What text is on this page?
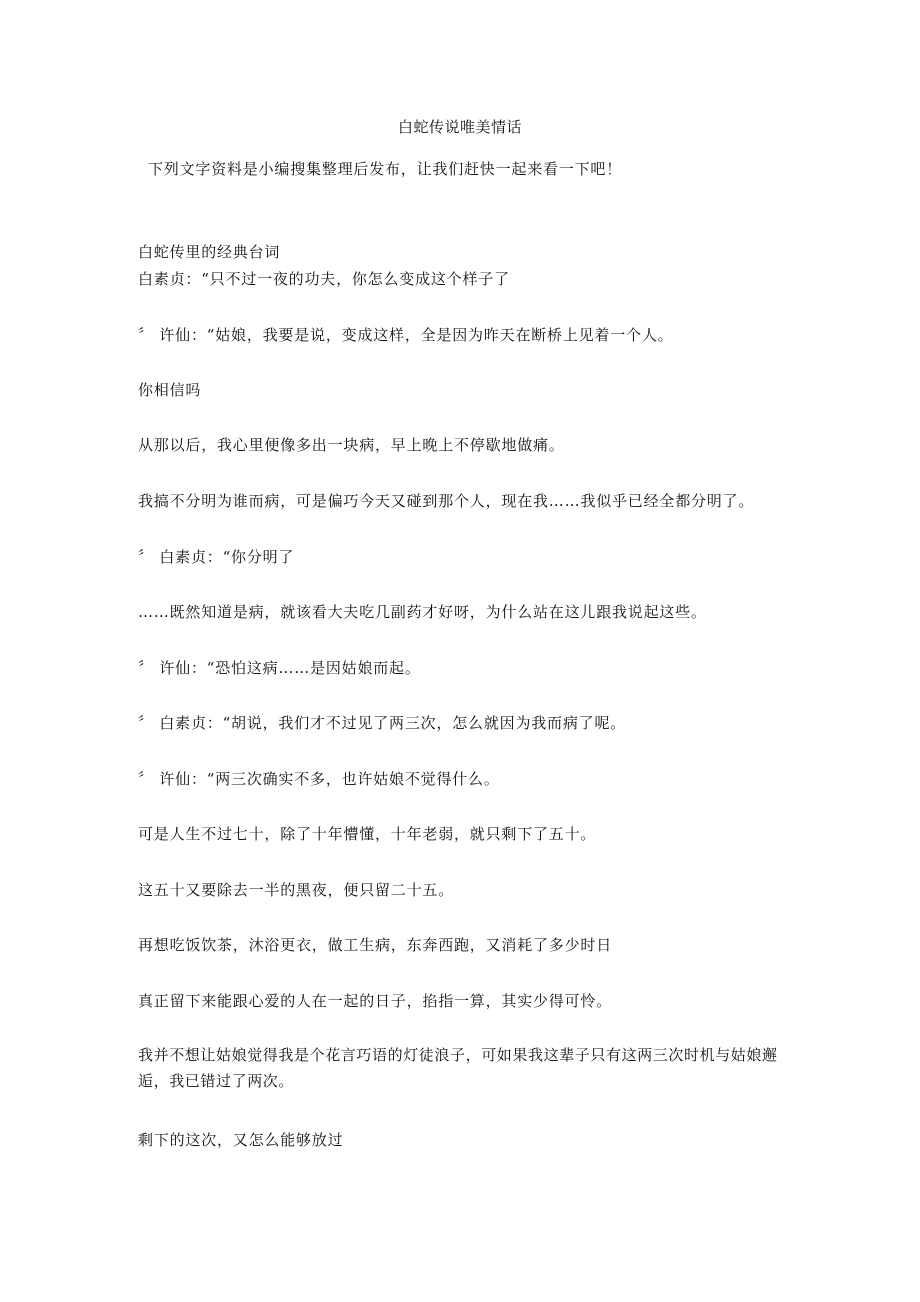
白蛇传说唯美情话
下列文字资料是小编搜集整理后发布，让我们赶快一起来看一下吧！
白蛇传里的经典台词
白素贞：“只不过一夜的功夫，你怎么变成这个样子了
〞 许仙：“姑娘，我要是说，变成这样，全是因为昨天在断桥上见着一个人。
你相信吗
从那以后，我心里便像多出一块病，早上晚上不停歇地做痛。
我搞不分明为谁而病，可是偏巧今天又碰到那个人，现在我……我似乎已经全都分明了。
〞 白素贞：“你分明了
……既然知道是病，就该看大夫吃几副药才好呀，为什么站在这儿跟我说起这些。
〞 许仙：“恐怕这病……是因姑娘而起。
〞 白素贞：“胡说，我们才不过见了两三次，怎么就因为我而病了呢。
〞 许仙：“两三次确实不多，也许姑娘不觉得什么。
可是人生不过七十，除了十年懵懂，十年老弱，就只剩下了五十。
这五十又要除去一半的黑夜，便只留二十五。
再想吃饭饮茶，沐浴更衣，做工生病，东奔西跑，又消耗了多少时日
真正留下来能跟心爱的人在一起的日子，掐指一算，其实少得可怜。
我并不想让姑娘觉得我是个花言巧语的灯徒浪子，可如果我这辈子只有这两三次时机与姑娘邂逅，我已错过了两次。
剩下的这次，又怎么能够放过
